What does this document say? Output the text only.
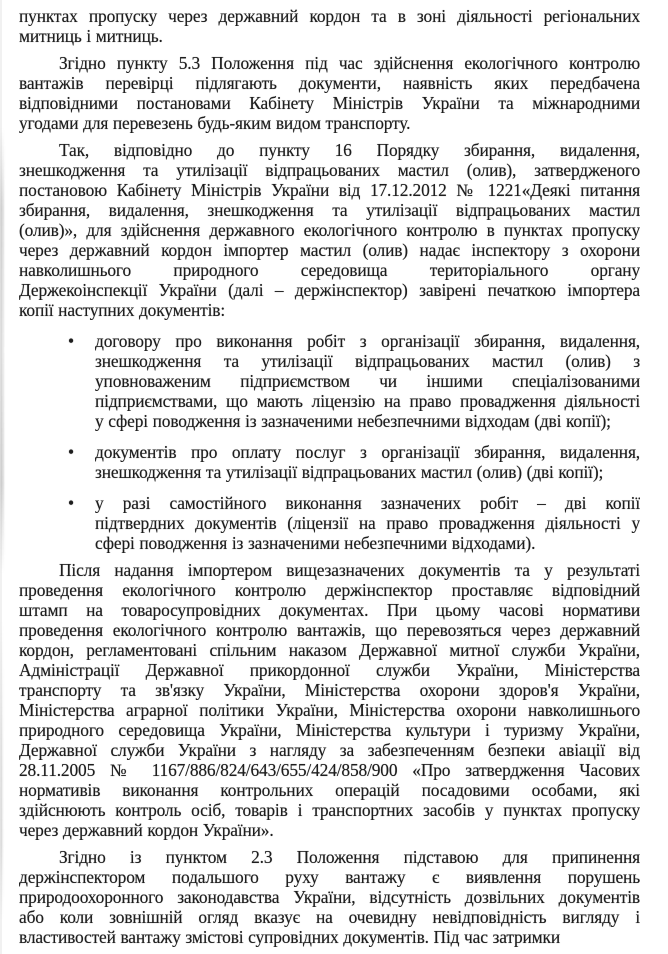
пунктах пропуску через державний кордон та в зоні діяльності регіональних
митниць і митниць.
Згідно пункту 5.3 Положення під час здійснення екологічного контролю
вантажів перевірці підлягають документи, наявність яких передбачена
відповідними постановами Кабінету Міністрів України та міжнародними
угодами для перевезень будь-яким видом транспорту.
Так, відповідно до пункту 16 Порядку збирання, видалення,
знешкодження та утилізації відпрацьованих мастил (олив), затвердженого
постановою Кабінету Міністрів України від 17.12.2012 № 1221«Деякі питання
збирання, видалення, знешкодження та утилізації відпрацьованих мастил
(олив)», для здійснення державного екологічного контролю в пунктах пропуску
через державний кордон імпортер мастил (олив) надає інспектору з охорони
навколишнього природного середовища територіального органу
Держекоінспекції України (далі – держінспектор) завірені печаткою імпортера
копії наступних документів:
•	договору про виконання робіт з організації збирання, видалення,
знешкодження та утилізації відпрацьованих мастил (олив) з
уповноваженим підприємством чи іншими спеціалізованими
підприємствами, що мають ліцензію на право провадження діяльності
у сфері поводження із зазначеними небезпечними відходам (дві копії);
•	документів про оплату послуг з організації збирання, видалення,
знешкодження та утилізації відпрацьованих мастил (олив) (дві копії);
•	у разі самостійного виконання зазначених робіт – дві копії
підтвердних документів (ліцензії на право провадження діяльності у
сфері поводження із зазначеними небезпечними відходами).
Після надання імпортером вищезазначених документів та у результаті
проведення екологічного контролю держінспектор проставляє відповідний
штамп на товаросупровідних документах. При цьому часові нормативи
проведення екологічного контролю вантажів, що перевозяться через державний
кордон, регламентовані спільним наказом Державної митної служби України,
Адміністрації Державної прикордонної служби України, Міністерства
транспорту та зв'язку України, Міністерства охорони здоров'я України,
Міністерства аграрної політики України, Міністерства охорони навколишнього
природного середовища України, Міністерства культури і туризму України,
Державної служби України з нагляду за забезпеченням безпеки авіації від
28.11.2005 № 1167/886/824/643/655/424/858/900 «Про затвердження Часових
нормативів виконання контрольних операцій посадовими особами, які
здійснюють контроль осіб, товарів і транспортних засобів у пунктах пропуску
через державний кордон України».
Згідно із пунктом 2.3 Положення підставою для припинення
держінспектором подальшого руху вантажу є виявлення порушень
природоохоронного законодавства України, відсутність дозвільних документів
або коли зовнішній огляд вказує на очевидну невідповідність вигляду і
властивостей вантажу змістові супровідних документів. Під час затримки
